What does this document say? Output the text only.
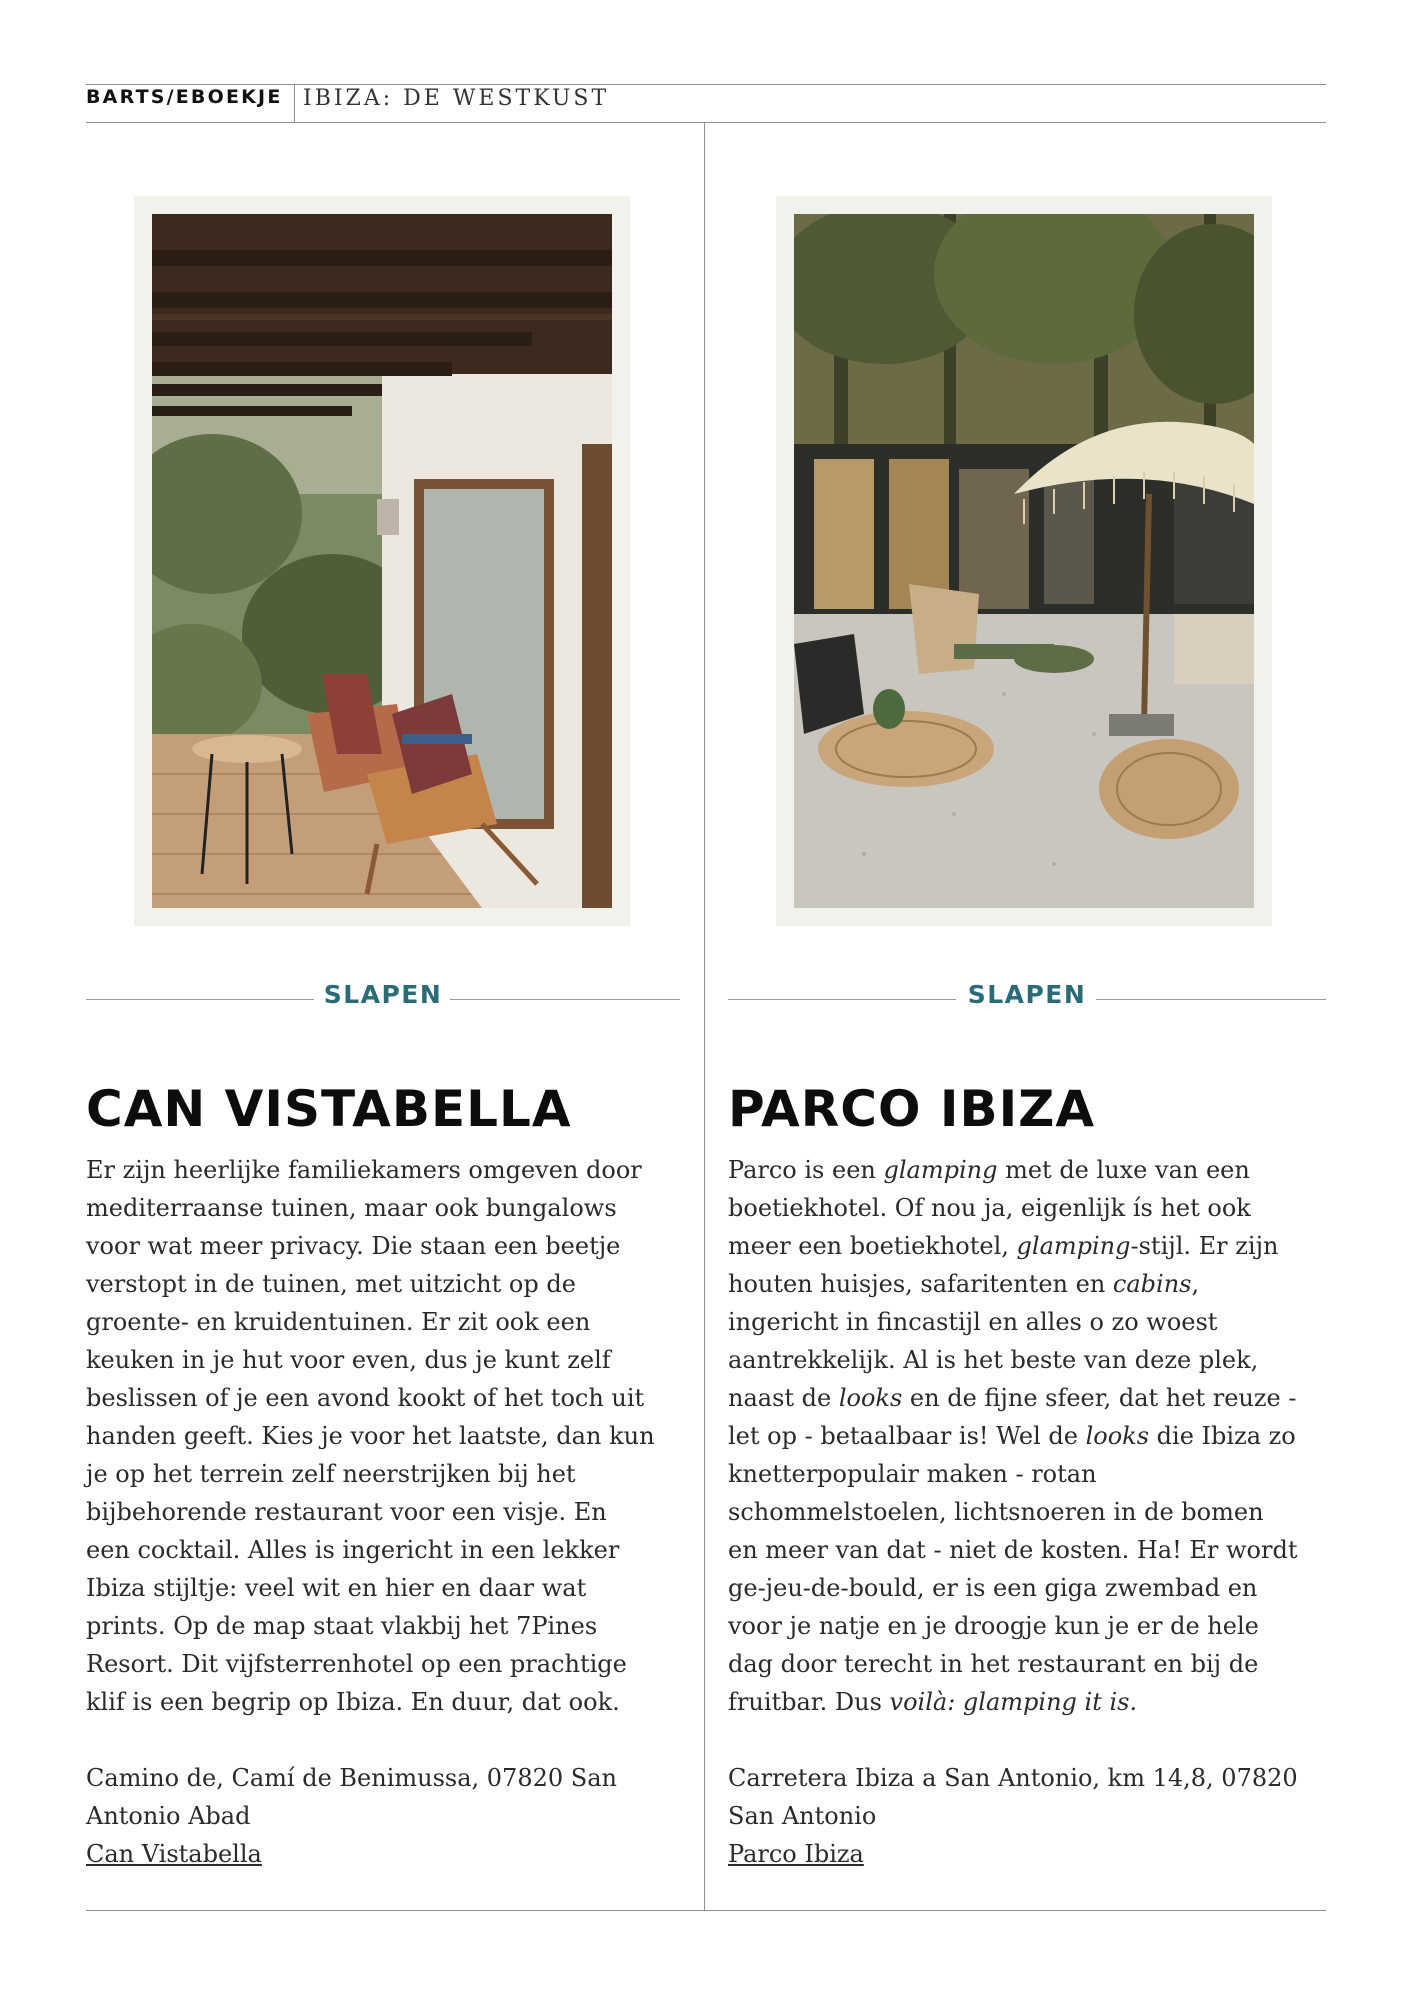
BARTS/EBOEKJE IBIZA: DE WESTKUST
SLAPEN	SLAPEN
CAN VISTABELLA	PARCO IBIZA
Er zijn heerlijke familiekamers omgeven door
mediterraanse tuinen, maar ook bungalows
voor wat meer privacy. Die staan een beetje
verstopt in de tuinen, met uitzicht op de
groente- en kruidentuinen. Er zit ook een
keuken in je hut voor even, dus je kunt zelf
beslissen of je een avond kookt of het toch uit
handen geeft. Kies je voor het laatste, dan kun
je op het terrein zelf neerstrijken bij het
bijbehorende restaurant voor een visje. En
een cocktail. Alles is ingericht in een lekker
Ibiza stijltje: veel wit en hier en daar wat
prints. Op de map staat vlakbij het 7Pines
Resort. Dit vijfsterrenhotel op een prachtige
klif is een begrip op Ibiza. En duur, dat ook.
Parco is een glamping met de luxe van een
boetiekhotel. Of nou ja, eigenlijk ís het ook
meer een boetiekhotel, glamping-stijl. Er zijn
houten huisjes, safaritenten en cabins,
ingericht in fincastijl en alles o zo woest
aantrekkelijk. Al is het beste van deze plek,
naast de looks en de fijne sfeer, dat het reuze -
let op - betaalbaar is! Wel de looks die Ibiza zo
knetterpopulair maken - rotan
schommelstoelen, lichtsnoeren in de bomen
en meer van dat - niet de kosten. Ha! Er wordt
ge-jeu-de-bould, er is een giga zwembad en
voor je natje en je droogje kun je er de hele
dag door terecht in het restaurant en bij de
fruitbar. Dus voilà: glamping it is.
Camino de, Camí de Benimussa, 07820 San
Antonio Abad
Can Vistabella
Carretera Ibiza a San Antonio, km 14,8, 07820
San Antonio
Parco Ibiza
